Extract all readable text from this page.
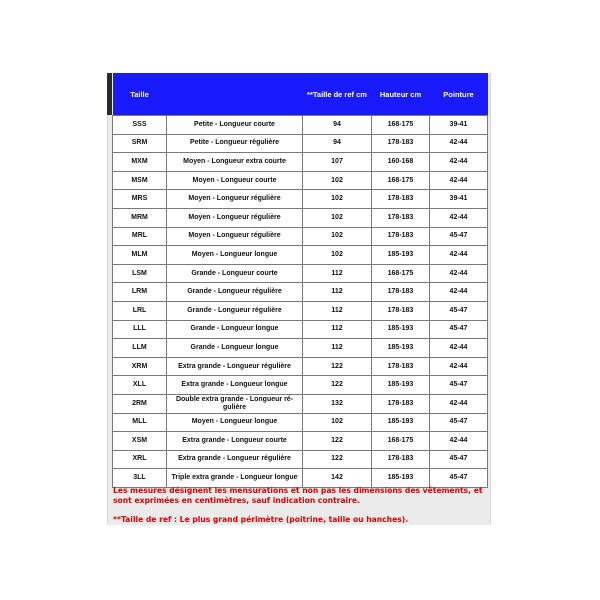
Taille		**Taille de ref cm	Hauteur cm	Pointure
SSS	Petite - Longueur courte	94	168-175	39-41
SRM	Petite - Longueur régulière	94	178-183	42-44
MXM	Moyen - Longueur extra courte	107	160-168	42-44
MSM	Moyen - Longueur courte	102	168-175	42-44
MRS	Moyen - Longueur régulière	102	178-183	39-41
MRM	Moyen - Longueur régulière	102	178-183	42-44
MRL	Moyen - Longueur régulière	102	178-183	45-47
MLM	Moyen - Longueur longue	102	185-193	42-44
LSM	Grande - Longueur courte	112	168-175	42-44
LRM	Grande - Longueur régulière	112	178-183	42-44
LRL	Grande - Longueur régulière	112	178-183	45-47
LLL	Grande - Longueur longue	112	185-193	45-47
LLM	Grande - Longueur longue	112	185-193	42-44
XRM	Extra grande - Longueur régulière	122	178-183	42-44
XLL	Extra grande - Longueur longue	122	185-193	45-47
2RM	Double extra grande - Longueur ré-gulière	132	178-183	42-44
MLL	Moyen - Longueur longue	102	185-193	45-47
XSM	Extra grande - Longueur courte	122	168-175	42-44
XRL	Extra grande - Longueur régulière	122	178-183	45-47
3LL	Triple extra grande - Longueur longue	142	185-193	45-47
Les mesures désignent les mensurations et non pas les dimensions des vêtements, et sont exprimées en centimètres, sauf indication contraire.
**Taille de ref : Le plus grand périmètre (poitrine, taille ou hanches).
